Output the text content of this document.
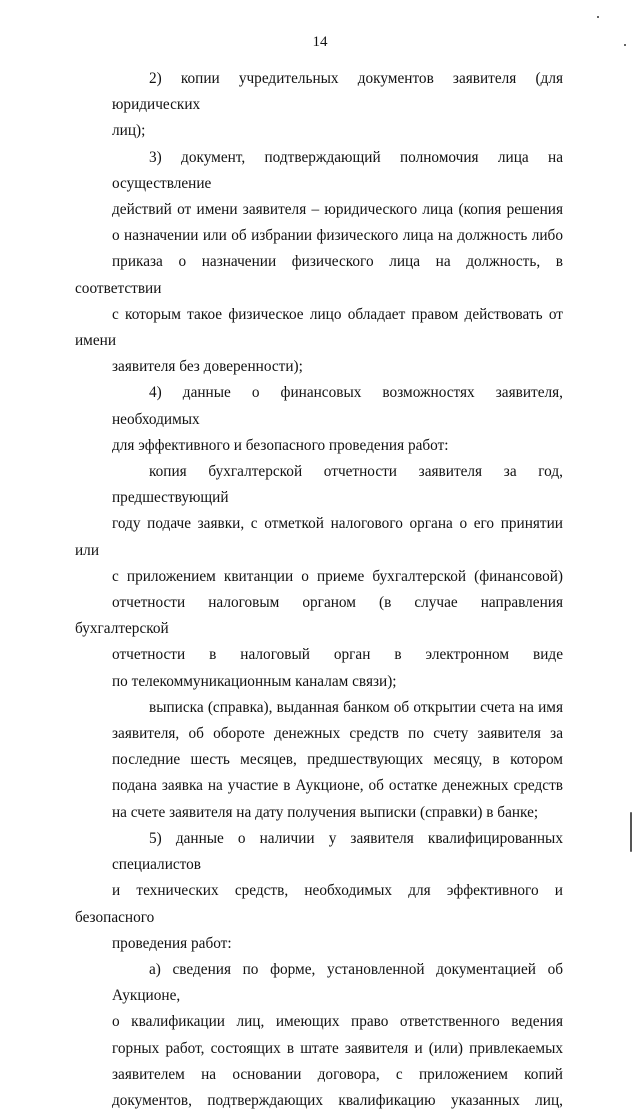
14
2) копии учредительных документов заявителя (для юридических
лиц);
3) документ, подтверждающий полномочия лица на осуществление
действий от имени заявителя – юридического лица (копия решения
о назначении или об избрании физического лица на должность либо
приказа о назначении физического лица на должность, в соответствии
с которым такое физическое лицо обладает правом действовать от имени
заявителя без доверенности);
4) данные о финансовых возможностях заявителя, необходимых
для эффективного и безопасного проведения работ:
копия бухгалтерской отчетности заявителя за год, предшествующий
году подаче заявки, с отметкой налогового органа о его принятии или
с приложением квитанции о приеме бухгалтерской (финансовой)
отчетности налоговым органом (в случае направления бухгалтерской
отчетности в налоговый орган в электронном виде
по телекоммуникационным каналам связи);
выписка (справка), выданная банком об открытии счета на имя
заявителя, об обороте денежных средств по счету заявителя за
последние шесть месяцев, предшествующих месяцу, в котором
подана заявка на участие в Аукционе, об остатке денежных средств
на счете заявителя на дату получения выписки (справки) в банке;
5) данные о наличии у заявителя квалифицированных специалистов
и технических средств, необходимых для эффективного и безопасного
проведения работ:
а) сведения по форме, установленной документацией об Аукционе,
о квалификации лиц, имеющих право ответственного ведения
горных работ, состоящих в штате заявителя и (или) привлекаемых
заявителем на основании договора, с приложением копий
документов, подтверждающих квалификацию указанных лиц,
